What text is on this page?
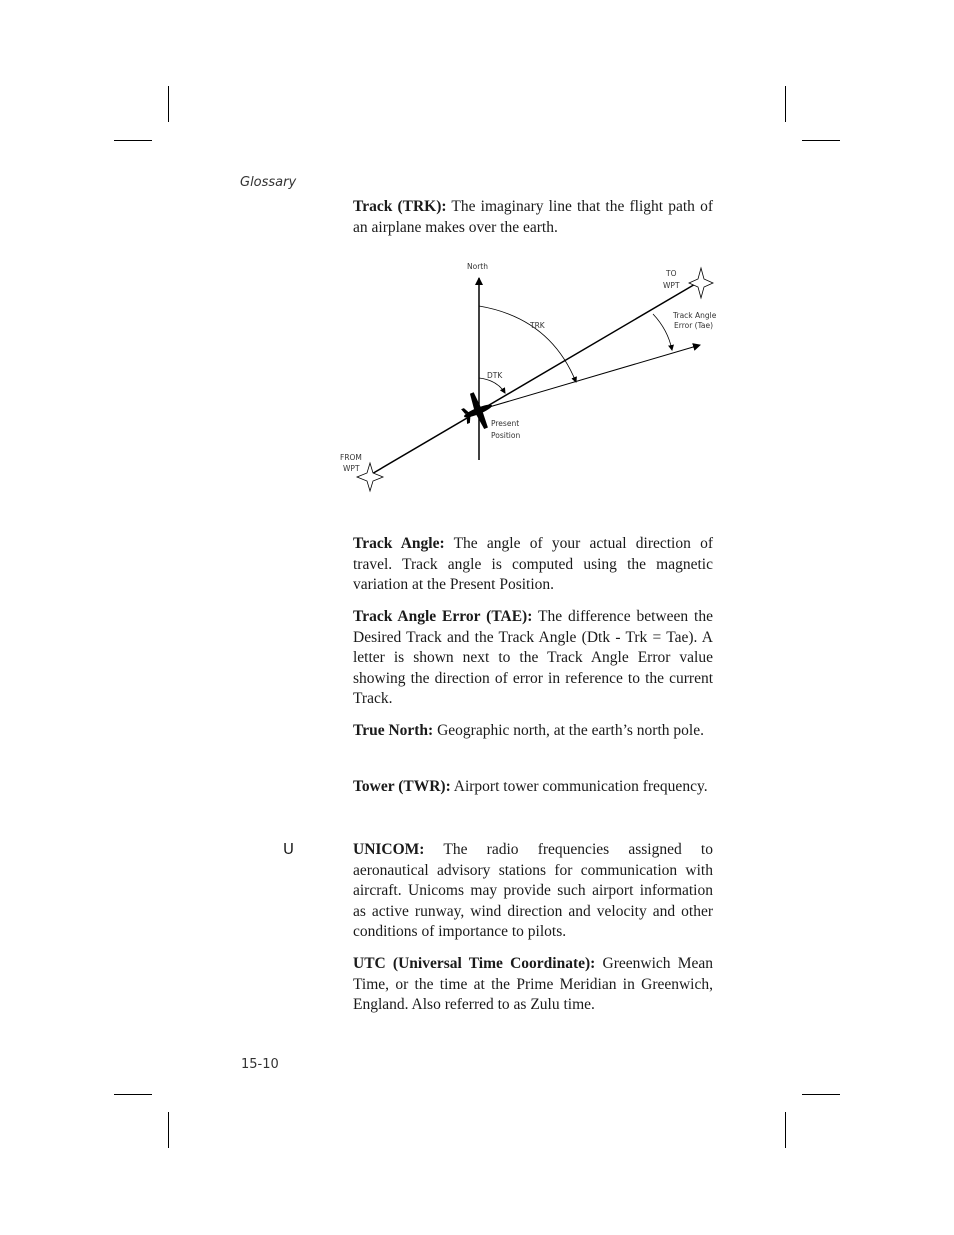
Glossary
Track (TRK): The imaginary line that the flight path of an airplane makes over the earth.
North
TRK
DTK
Track Angle
Error (Tae)
TO
WPT
FROM
WPT
Present
Position
Track Angle: The angle of your actual direction of travel. Track angle is computed using the magnetic variation at the Present Position.
Track Angle Error (TAE): The difference between the Desired Track and the Track Angle (Dtk - Trk = Tae). A letter is shown next to the Track Angle Error value showing the direction of error in reference to the current Track.
True North: Geographic north, at the earth’s north pole.
Tower (TWR): Airport tower communication frequency.
U	UNICOM: The radio frequencies assigned to aeronautical advisory stations for communication with aircraft. Unicoms may provide such airport information as active runway, wind direction and velocity and other conditions of importance to pilots.
UTC (Universal Time Coordinate): Greenwich Mean Time, or the time at the Prime Meridian in Greenwich, England. Also referred to as Zulu time.
15-10
